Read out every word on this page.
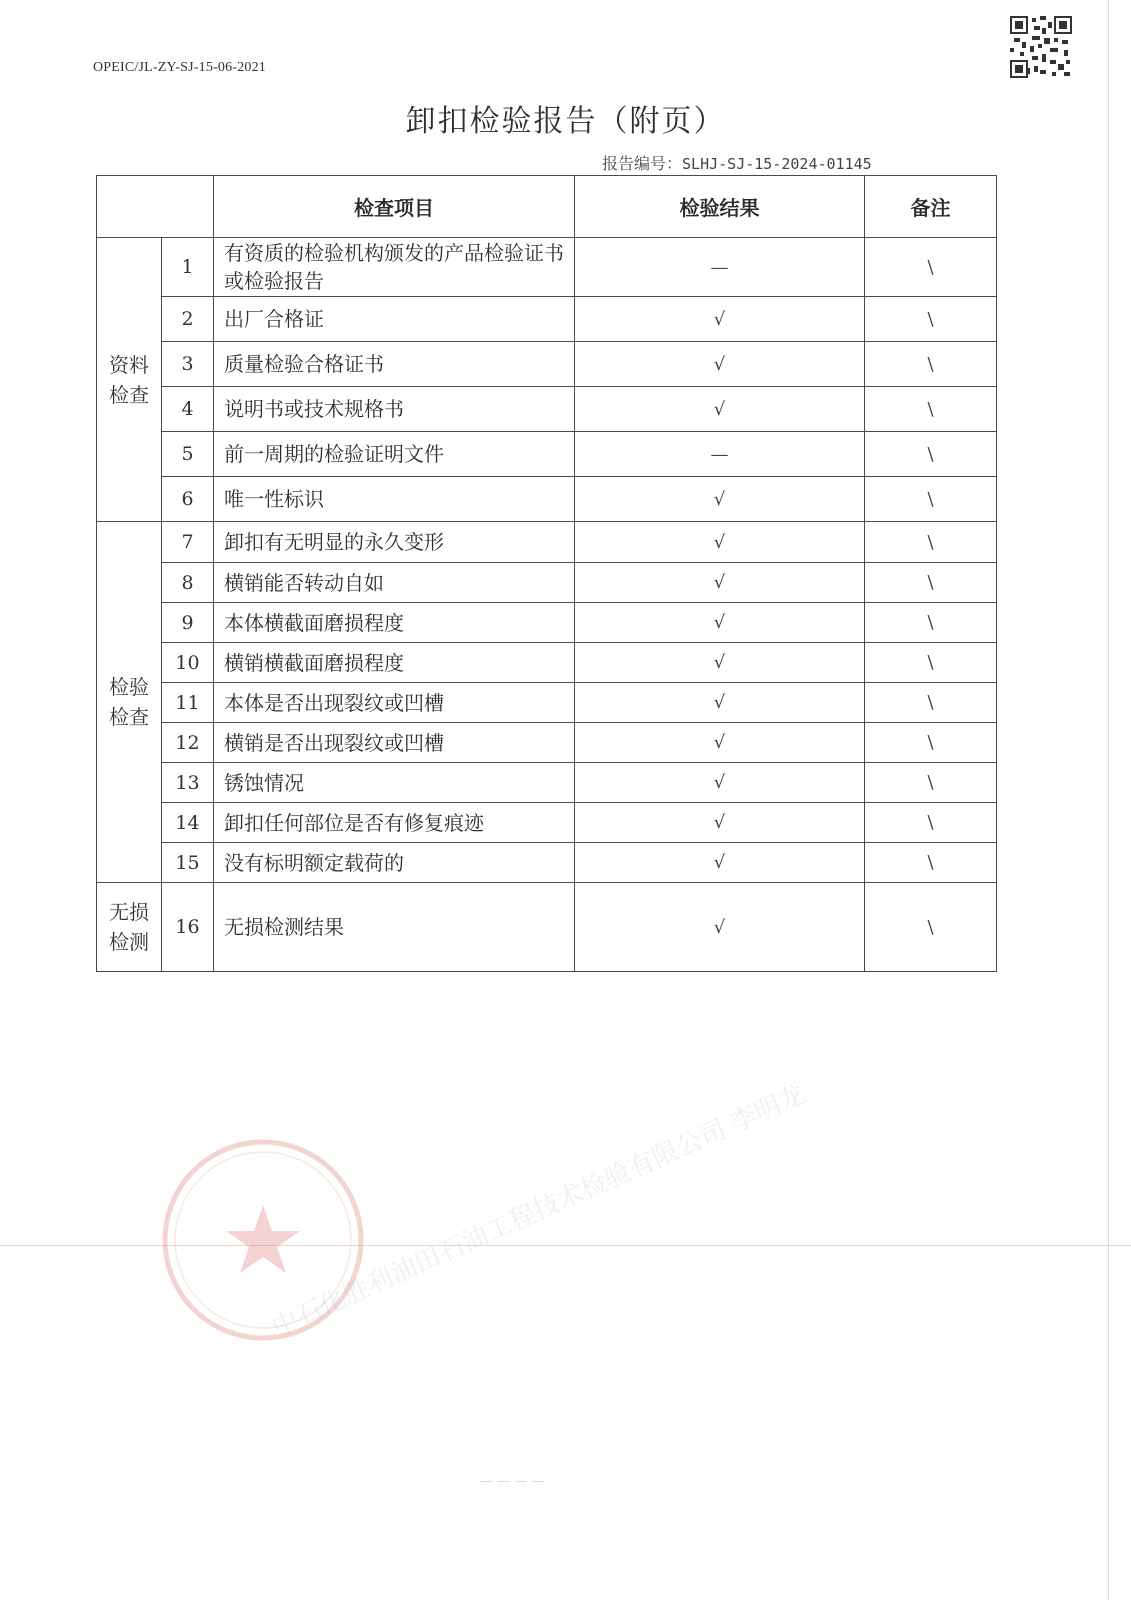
OPEIC/JL-ZY-SJ-15-06-2021
卸扣检验报告（附页）
报告编号：SLHJ-SJ-15-2024-01145
		检查项目	检验结果	备注
资料
检查	1	有资质的检验机构颁发的产品检验证书或检验报告	—	\
	2	出厂合格证	√	\
	3	质量检验合格证书	√	\
	4	说明书或技术规格书	√	\
	5	前一周期的检验证明文件	—	\
	6	唯一性标识	√	\
检验
检查	7	卸扣有无明显的永久变形	√	\
	8	横销能否转动自如	√	\
	9	本体横截面磨损程度	√	\
	10	横销横截面磨损程度	√	\
	11	本体是否出现裂纹或凹槽	√	\
	12	横销是否出现裂纹或凹槽	√	\
	13	锈蚀情况	√	\
	14	卸扣任何部位是否有修复痕迹	√	\
	15	没有标明额定载荷的	√	\
无损
检测	16	无损检测结果	√	\
中石化胜利油田石油工程技术检验有限公司 李明龙
— — — —
